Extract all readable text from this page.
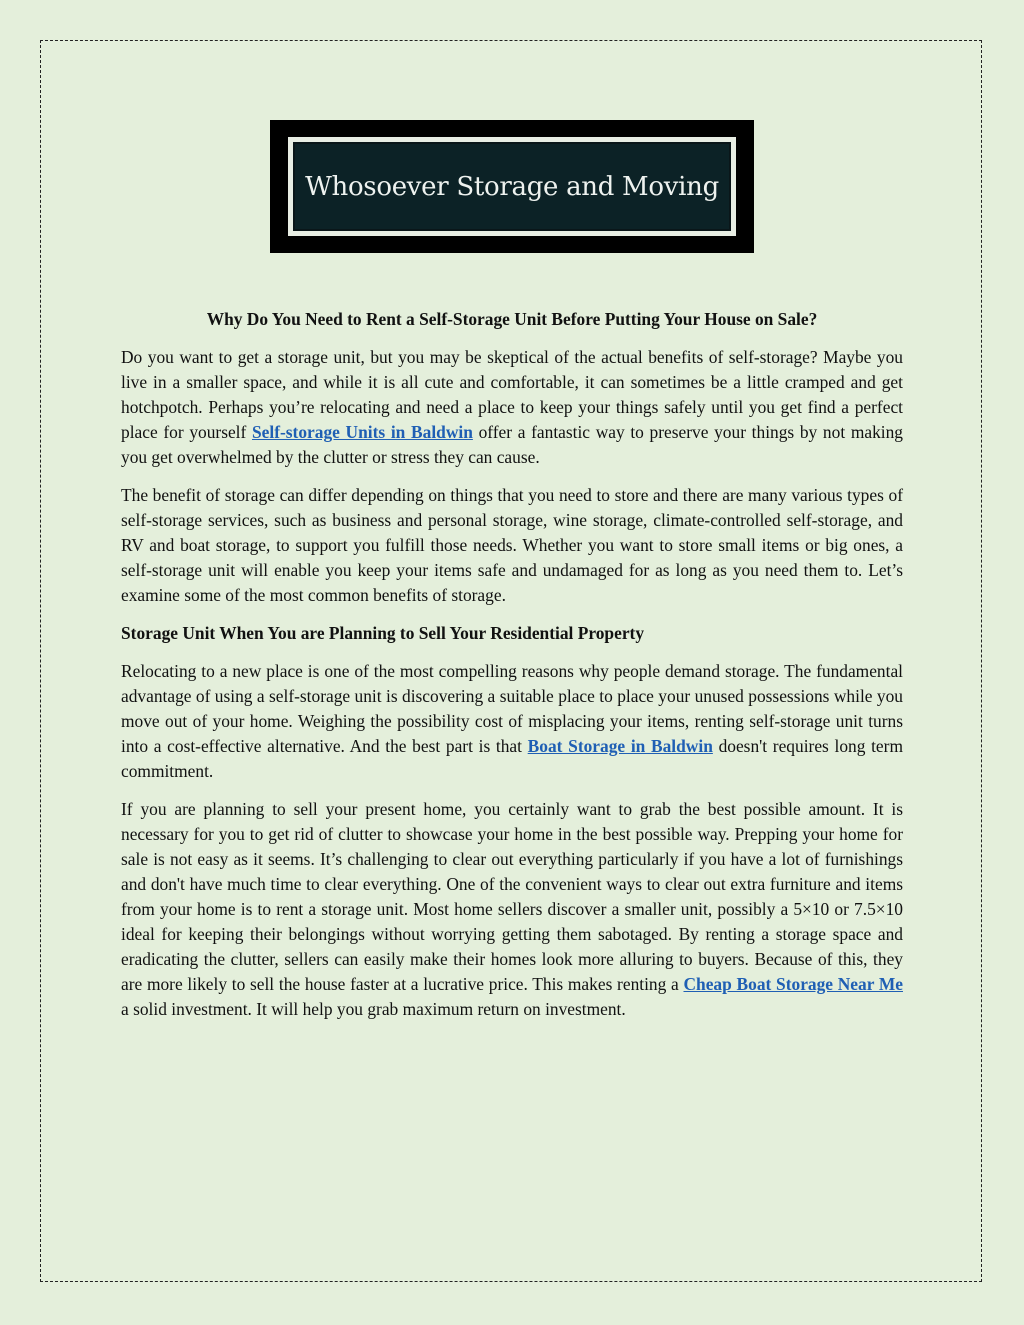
Whosoever Storage and Moving
Why Do You Need to Rent a Self-Storage Unit Before Putting Your House on Sale?

Do you want to get a storage unit, but you may be skeptical of the actual benefits of self-storage? Maybe you live in a smaller space, and while it is all cute and comfortable, it can sometimes be a little cramped and get hotchpotch. Perhaps you’re relocating and need a place to keep your things safely until you get find a perfect place for yourself Self-storage Units in Baldwin offer a fantastic way to preserve your things by not making you get overwhelmed by the clutter or stress they can cause.

The benefit of storage can differ depending on things that you need to store and there are many various types of self-storage services, such as business and personal storage, wine storage, climate-controlled self-storage, and RV and boat storage, to support you fulfill those needs. Whether you want to store small items or big ones, a self-storage unit will enable you keep your items safe and undamaged for as long as you need them to. Let’s examine some of the most common benefits of storage.

Storage Unit When You are Planning to Sell Your Residential Property

Relocating to a new place is one of the most compelling reasons why people demand storage. The fundamental advantage of using a self-storage unit is discovering a suitable place to place your unused possessions while you move out of your home. Weighing the possibility cost of misplacing your items, renting self-storage unit turns into a cost-effective alternative. And the best part is that Boat Storage in Baldwin doesn't requires long term commitment.

If you are planning to sell your present home, you certainly want to grab the best possible amount. It is necessary for you to get rid of clutter to showcase your home in the best possible way. Prepping your home for sale is not easy as it seems. It’s challenging to clear out everything particularly if you have a lot of furnishings and don't have much time to clear everything. One of the convenient ways to clear out extra furniture and items from your home is to rent a storage unit. Most home sellers discover a smaller unit, possibly a 5×10 or 7.5×10 ideal for keeping their belongings without worrying getting them sabotaged. By renting a storage space and eradicating the clutter, sellers can easily make their homes look more alluring to buyers. Because of this, they are more likely to sell the house faster at a lucrative price. This makes renting a Cheap Boat Storage Near Me a solid investment. It will help you grab maximum return on investment.
